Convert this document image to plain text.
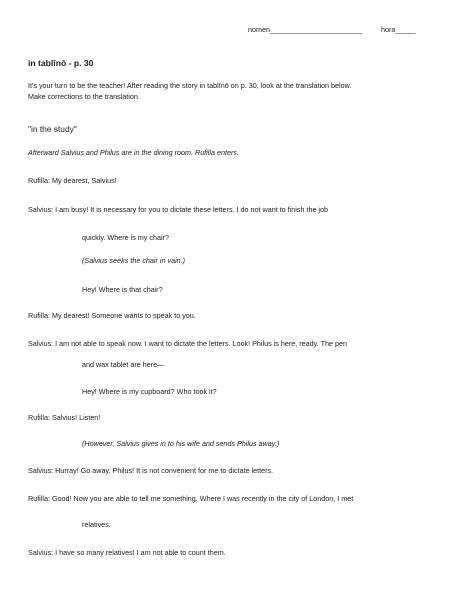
nomen_______________________	hora_____
in tablīnō - p. 30
It's your turn to be the teacher! After reading the story in tablīnō on p. 30, look at the translation below.
Make corrections to the translation.
"in the study"
Afterward Salvius and Philus are in the dining room. Rufilla enters.
Rufilla: My dearest, Salvius!
Salvius: I am busy! It is necessary for you to dictate these letters. I do not want to finish the job
quickly. Where is my chair?
(Salvius seeks the chair in vain.)
Hey! Where is that chair?
Rufilla: My dearest! Someone wants to speak to you.
Salvius: I am not able to speak now. I want to dictate the letters. Look! Philus is here, ready. The pen
and wax tablet are here—
Hey! Where is my cupboard? Who took it?
Rufilla: Salvius! Listen!
(However, Salvius gives in to his wife and sends Philus away.)
Salvius: Hurray! Go away, Philus! It is not convenient for me to dictate letters.
Rufilla: Good! Now you are able to tell me something. Where I was recently in the city of London, I met
relatives.
Salvius: I have so many relatives! I am not able to count them.
